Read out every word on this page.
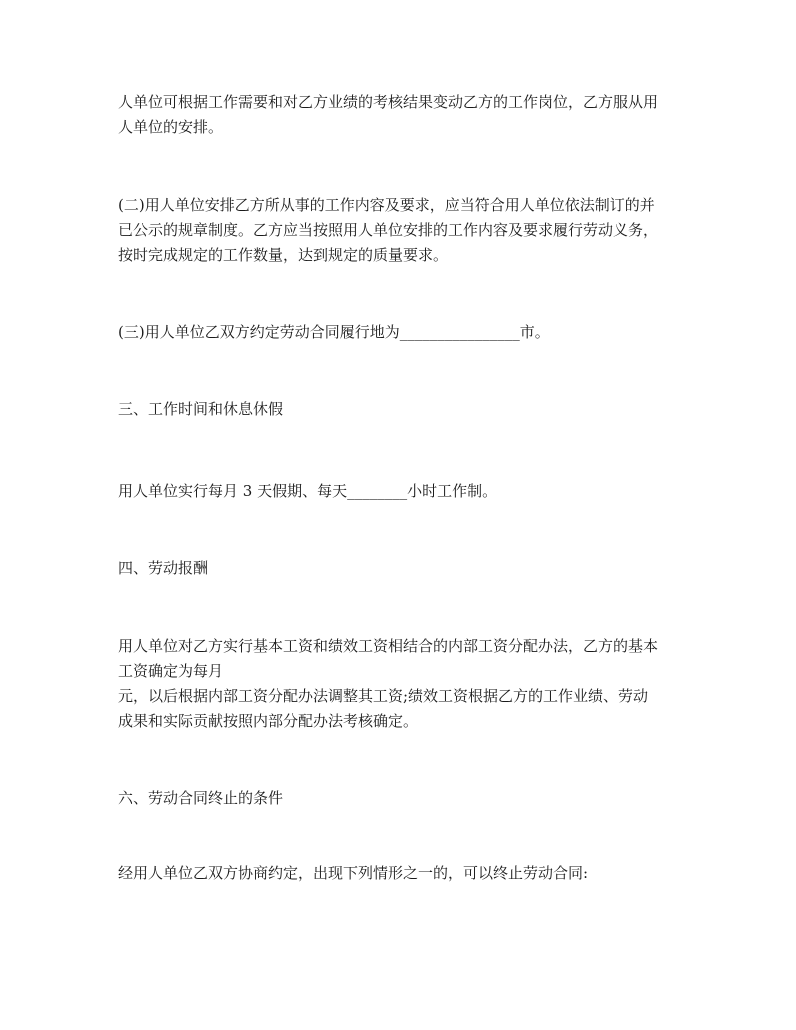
人单位可根据工作需要和对乙方业绩的考核结果变动乙方的工作岗位，乙方服从用
人单位的安排。

(二)用人单位安排乙方所从事的工作内容及要求，应当符合用人单位依法制订的并
已公示的规章制度。乙方应当按照用人单位安排的工作内容及要求履行劳动义务，
按时完成规定的工作数量，达到规定的质量要求。

(三)用人单位乙双方约定劳动合同履行地为________________市。

三、工作时间和休息休假

用人单位实行每月 3 天假期、每天________小时工作制。

四、劳动报酬

用人单位对乙方实行基本工资和绩效工资相结合的内部工资分配办法，乙方的基本
工资确定为每月
元，以后根据内部工资分配办法调整其工资;绩效工资根据乙方的工作业绩、劳动
成果和实际贡献按照内部分配办法考核确定。

六、劳动合同终止的条件

经用人单位乙双方协商约定，出现下列情形之一的，可以终止劳动合同:
